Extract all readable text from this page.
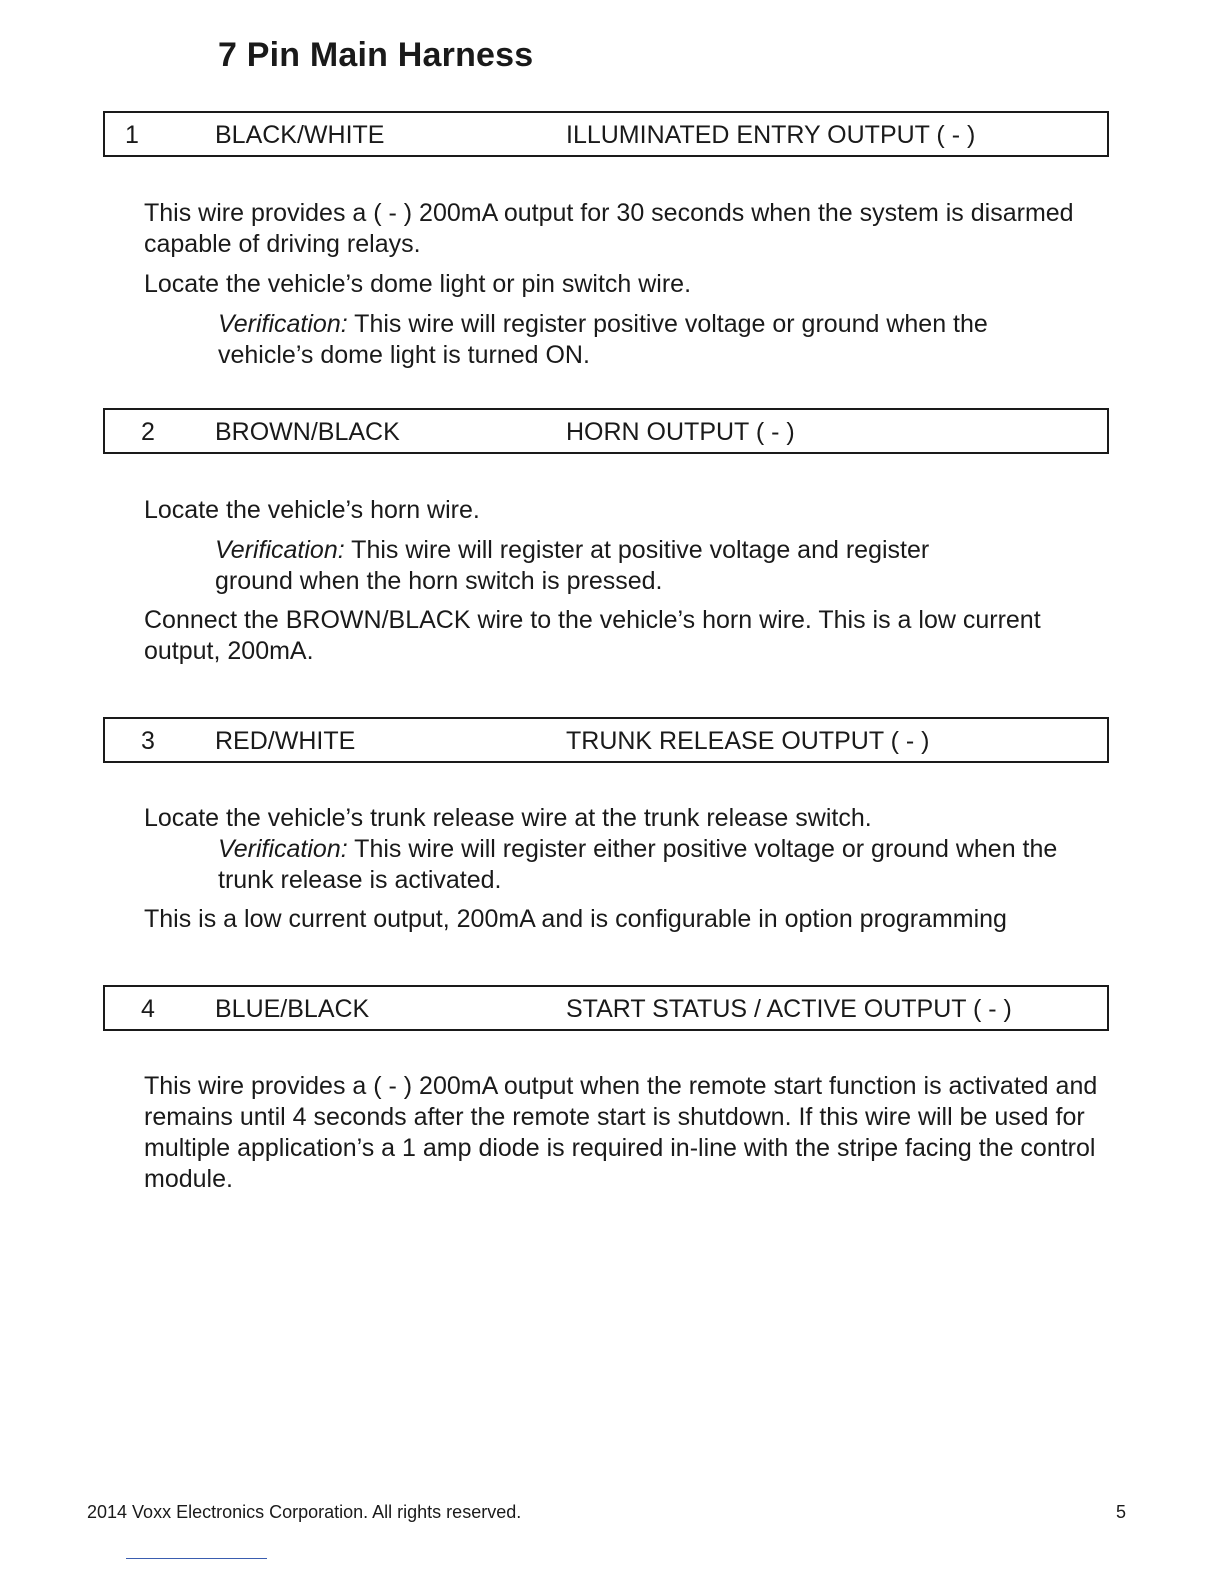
7 Pin Main Harness
1	BLACK/WHITE	ILLUMINATED ENTRY OUTPUT ( - )

This wire provides a ( - ) 200mA output for 30 seconds when the system is disarmed capable of driving relays.

Locate the vehicle’s dome light or pin switch wire.

Verification: This wire will register positive voltage or ground when the vehicle’s dome light is turned ON.

2 BROWN/BLACK	HORN OUTPUT ( - )

Locate the vehicle’s horn wire.

Verification: This wire will register at positive voltage and register ground when the horn switch is pressed.

Connect the BROWN/BLACK wire to the vehicle’s horn wire. This is a low current output, 200mA.

3 RED/WHITE	TRUNK RELEASE OUTPUT ( - )

Locate the vehicle’s trunk release wire at the trunk release switch.

Verification: This wire will register either positive voltage or ground when the trunk release is activated.

This is a low current output, 200mA and is configurable in option programming

4 BLUE/BLACK	START STATUS / ACTIVE OUTPUT ( - )

This wire provides a ( - ) 200mA output when the remote start function is activated and remains until 4 seconds after the remote start is shutdown. If this wire will be used for multiple application’s a 1 amp diode is required in-line with the stripe facing the control module.

2014 Voxx Electronics Corporation. All rights reserved.	5
